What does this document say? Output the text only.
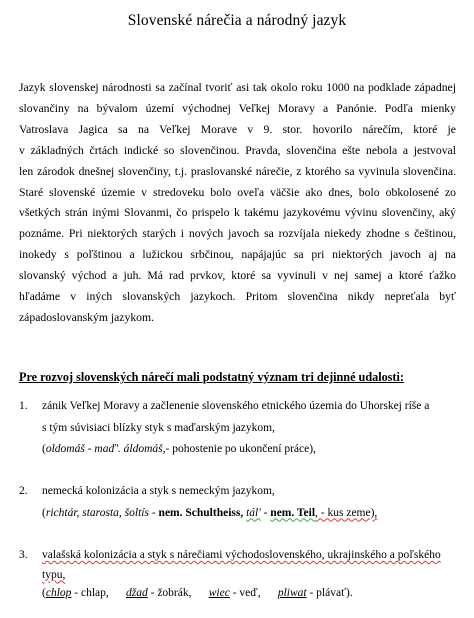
Slovenské nárečia a národný jazyk

Jazyk slovenskej národnosti sa začínal tvoriť asi tak okolo roku 1000 na podklade západnej
slovančiny na bývalom území východnej Veľkej Moravy a Panónie. Podľa mienky
Vatroslava Jagica sa na Veľkej Morave v 9. stor. hovorilo nárečím, ktoré je
v základných črtách indické so slovenčinou. Pravda, slovenčina ešte nebola a jestvoval
len zárodok dnešnej slovenčiny, t.j. praslovanské nárečie, z ktorého sa vyvinula slovenčina.
Staré slovenské územie v stredoveku bolo oveľa väčšie ako dnes, bolo obkolosené zo
všetkých strán inými Slovanmi, čo prispelo k takému jazykovému vývinu slovenčiny, aký
poznáme. Pri niektorých starých i nových javoch sa rozvíjala niekedy zhodne s češtinou,
inokedy s poľštinou a lužickou srbčinou, napájajúc sa pri niektorých javoch aj na
slovanský východ a juh. Má rad prvkov, ktoré sa vyvinuli v nej samej a ktoré ťažko
hľadáme v iných slovanských jazykoch. Pritom slovenčina nikdy nepreťala byť
západoslovanským jazykom.

Pre rozvoj slovenských nárečí mali podstatný význam tri dejinné udalosti:
1. zánik Veľkej Moravy a začlenenie slovenského etnického územia do Uhorskej ríše a
s tým súvisiaci blízky styk s maďarským jazykom,
(oldomáš - maď'. áldomáš,- pohostenie po ukončení práce),
2. nemecká kolonizácia a styk s nemeckým jazykom,
(richtár, starosta, šoltís - nem. Schultheiss, tál' - nem. Teil, - kus zeme),
3. valašská kolonizácia a styk s nárečiami východoslovenského, ukrajinského a poľského
typu,
(chlop - chlap,      džad - žobrák,      wiec - veď,      pliwat - plávať).
